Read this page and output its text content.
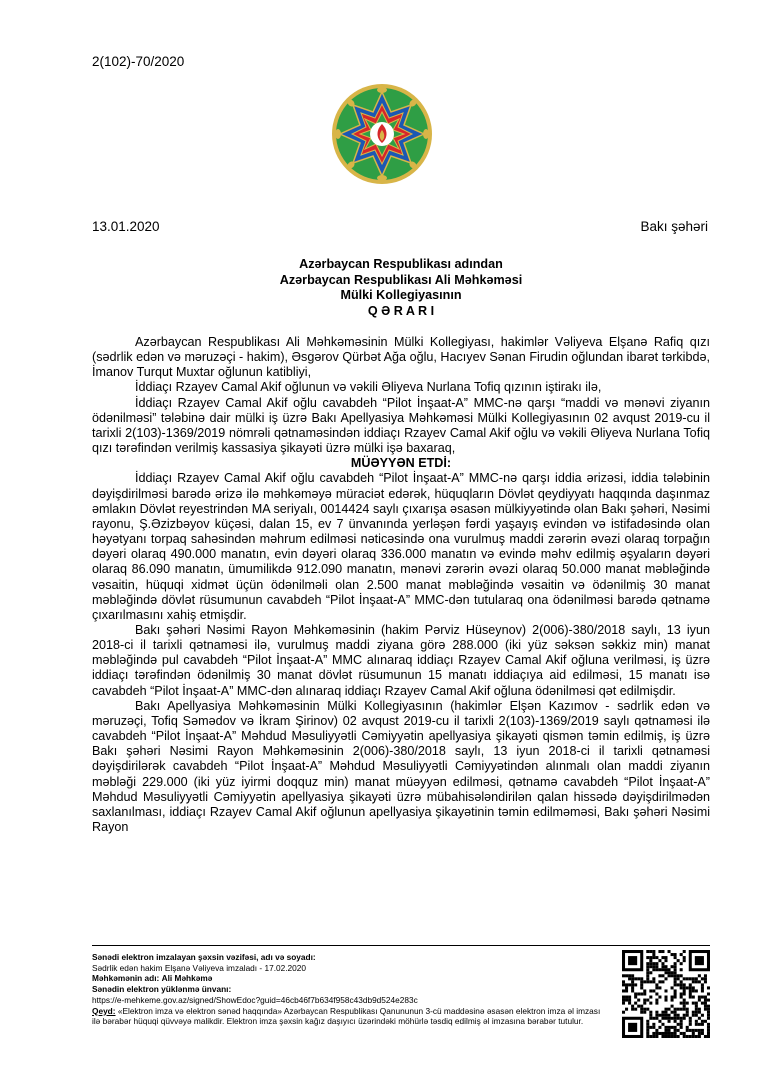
2(102)-70/2020
13.01.2020	Bakı şəhəri
Azərbaycan Respublikası adından
Azərbaycan Respublikası Ali Məhkəməsi
Mülki Kollegiyasının
Q Ə R A R I

Azərbaycan Respublikası Ali Məhkəməsinin Mülki Kollegiyası, hakimlər Vəliyeva Elşanə Rafiq qızı (sədrlik edən və məruzəçi - hakim), Əsgərov Qürbət Ağa oğlu, Hacıyev Sənan Firudin oğlundan ibarət tərkibdə, İmanov Turqut Muxtar oğlunun katibliyi,

İddiaçı Rzayev Camal Akif oğlunun və vəkili Əliyeva Nurlana Tofiq qızının iştirakı ilə,

İddiaçı Rzayev Camal Akif oğlu cavabdeh “Pilot İnşaat-A” MMC-nə qarşı “maddi və mənəvi ziyanın ödənilməsi” tələbinə dair mülki iş üzrə Bakı Apellyasiya Məhkəməsi Mülki Kollegiyasının 02 avqust 2019-cu il tarixli 2(103)-1369/2019 nömrəli qətnaməsindən iddiaçı Rzayev Camal Akif oğlu və vəkili Əliyeva Nurlana Tofiq qızı tərəfindən verilmiş kassasiya şikayəti üzrə mülki işə baxaraq,

MÜƏYYƏN ETDİ:

İddiaçı Rzayev Camal Akif oğlu cavabdeh “Pilot İnşaat-A” MMC-nə qarşı iddia ərizəsi, iddia tələbinin dəyişdirilməsi barədə ərizə ilə məhkəməyə müraciət edərək, hüquqların Dövlət qeydiyyatı haqqında daşınmaz əmlakın Dövlət reyestrindən MA seriyalı, 0014424 saylı çıxarışa əsasən mülkiyyətində olan Bakı şəhəri, Nəsimi rayonu, Ş.Əzizbəyov küçəsi, dalan 15, ev 7 ünvanında yerləşən fərdi yaşayış evindən və istifadəsində olan həyətyanı torpaq sahəsindən məhrum edilməsi nəticəsində ona vurulmuş maddi zərərin əvəzi olaraq torpağın dəyəri olaraq 490.000 manatın, evin dəyəri olaraq 336.000 manatın və evində məhv edilmiş əşyaların dəyəri olaraq 86.090 manatın, ümumilikdə 912.090 manatın, mənəvi zərərin əvəzi olaraq 50.000 manat məbləğində vəsaitin, hüquqi xidmət üçün ödənilməli olan 2.500 manat məbləğində vəsaitin və ödənilmiş 30 manat məbləğində dövlət rüsumunun cavabdeh “Pilot İnşaat-A” MMC-dən tutularaq ona ödənilməsi barədə qətnamə çıxarılmasını xahiş etmişdir.

Bakı şəhəri Nəsimi Rayon Məhkəməsinin (hakim Pərviz Hüseynov) 2(006)-380/2018 saylı, 13 iyun 2018-ci il tarixli qətnaməsi ilə, vurulmuş maddi ziyana görə 288.000 (iki yüz səksən səkkiz min) manat məbləğində pul cavabdeh “Pilot İnşaat-A” MMC alınaraq iddiaçı Rzayev Camal Akif oğluna verilməsi, iş üzrə iddiaçı tərəfindən ödənilmiş 30 manat dövlət rüsumunun 15 manatı iddiaçıya aid edilməsi, 15 manatı isə cavabdeh “Pilot İnşaat-A” MMC-dən alınaraq iddiaçı Rzayev Camal Akif oğluna ödənilməsi qət edilmişdir.

Bakı Apellyasiya Məhkəməsinin Mülki Kollegiyasının (hakimlər Elşən Kazımov - sədrlik edən və məruzəçi, Tofiq Səmədov və İkram Şirinov) 02 avqust 2019-cu il tarixli 2(103)-1369/2019 saylı qətnaməsi ilə cavabdeh “Pilot İnşaat-A” Məhdud Məsuliyyətli Cəmiyyətin apellyasiya şikayəti qismən təmin edilmiş, iş üzrə Bakı şəhəri Nəsimi Rayon Məhkəməsinin 2(006)-380/2018 saylı, 13 iyun 2018-ci il tarixli qətnaməsi dəyişdirilərək cavabdeh “Pilot İnşaat-A” Məhdud Məsuliyyətli Cəmiyyətindən alınmalı olan maddi ziyanın məbləği 229.000 (iki yüz iyirmi doqquz min) manat müəyyən edilməsi, qətnamə cavabdeh “Pilot İnşaat-A” Məhdud Məsuliyyətli Cəmiyyətin apellyasiya şikayəti üzrə mübahisələndirilən qalan hissədə dəyişdirilmədən saxlanılması, iddiaçı Rzayev Camal Akif oğlunun apellyasiya şikayətinin təmin edilməməsi, Bakı şəhəri Nəsimi Rayon

Sənədi elektron imzalayan şəxsin vəzifəsi, adı və soyadı:
Sədrlik edən hakim Elşanə Vəliyeva imzaladı - 17.02.2020
Məhkəmənin adı: Ali Məhkəmə
Sənədin elektron yüklənmə ünvanı:
https://e-mehkeme.gov.az/signed/ShowEdoc?guid=46cb46f7b634f958c43db9d524e283c
Qeyd: «Elektron imza və elektron sənəd haqqında» Azərbaycan Respublikası Qanununun 3-cü maddəsinə əsasən elektron imza əl imzası ilə bərabər hüquqi qüvvəyə malikdir. Elektron imza şəxsin kağız daşıyıcı üzərindəki möhürlə təsdiq edilmiş əl imzasına bərabər tutulur.
